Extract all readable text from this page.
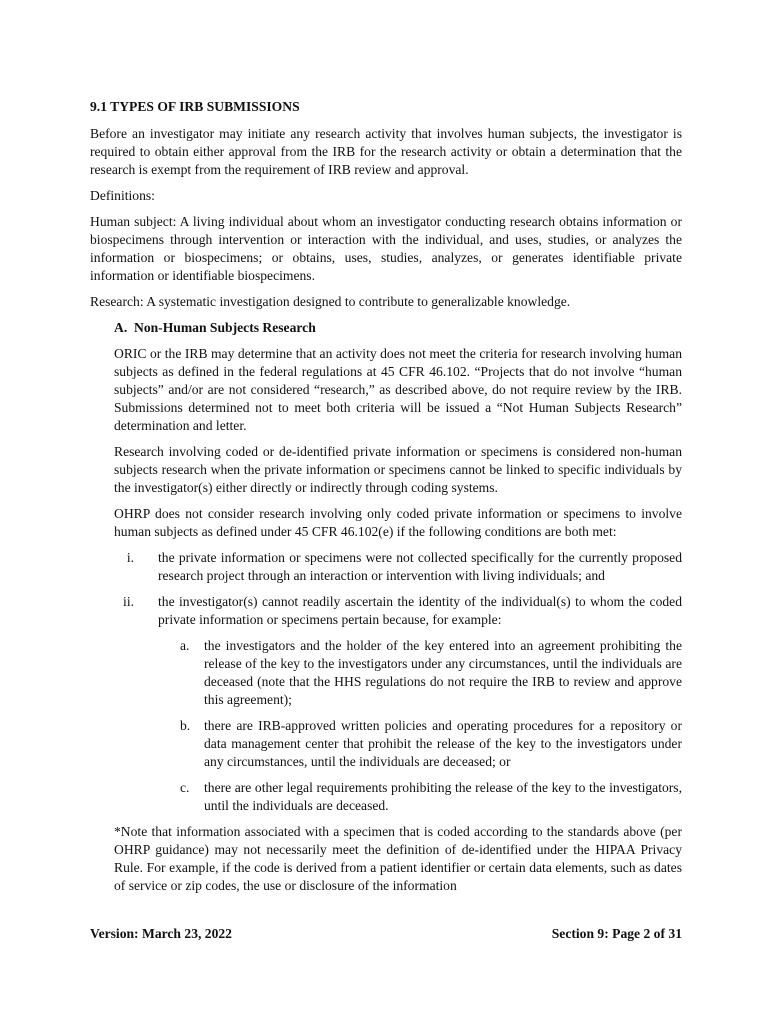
9.1 TYPES OF IRB SUBMISSIONS

Before an investigator may initiate any research activity that involves human subjects, the investigator is required to obtain either approval from the IRB for the research activity or obtain a determination that the research is exempt from the requirement of IRB review and approval.

Definitions:

Human subject: A living individual about whom an investigator conducting research obtains information or biospecimens through intervention or interaction with the individual, and uses, studies, or analyzes the information or biospecimens; or obtains, uses, studies, analyzes, or generates identifiable private information or identifiable biospecimens.

Research: A systematic investigation designed to contribute to generalizable knowledge.

A. Non-Human Subjects Research

ORIC or the IRB may determine that an activity does not meet the criteria for research involving human subjects as defined in the federal regulations at 45 CFR 46.102. “Projects that do not involve “human subjects” and/or are not considered “research,” as described above, do not require review by the IRB. Submissions determined not to meet both criteria will be issued a “Not Human Subjects Research” determination and letter.

Research involving coded or de-identified private information or specimens is considered non-human subjects research when the private information or specimens cannot be linked to specific individuals by the investigator(s) either directly or indirectly through coding systems.

OHRP does not consider research involving only coded private information or specimens to involve human subjects as defined under 45 CFR 46.102(e) if the following conditions are both met:

i.	the private information or specimens were not collected specifically for the currently proposed research project through an interaction or intervention with living individuals; and
ii.	the investigator(s) cannot readily ascertain the identity of the individual(s) to whom the coded private information or specimens pertain because, for example:
a.	the investigators and the holder of the key entered into an agreement prohibiting the release of the key to the investigators under any circumstances, until the individuals are deceased (note that the HHS regulations do not require the IRB to review and approve this agreement);
b.	there are IRB-approved written policies and operating procedures for a repository or data management center that prohibit the release of the key to the investigators under any circumstances, until the individuals are deceased; or
c.	there are other legal requirements prohibiting the release of the key to the investigators, until the individuals are deceased.

*Note that information associated with a specimen that is coded according to the standards above (per OHRP guidance) may not necessarily meet the definition of de-identified under the HIPAA Privacy Rule. For example, if the code is derived from a patient identifier or certain data elements, such as dates of service or zip codes, the use or disclosure of the information

Version: March 23, 2022	Section 9: Page 2 of 31
